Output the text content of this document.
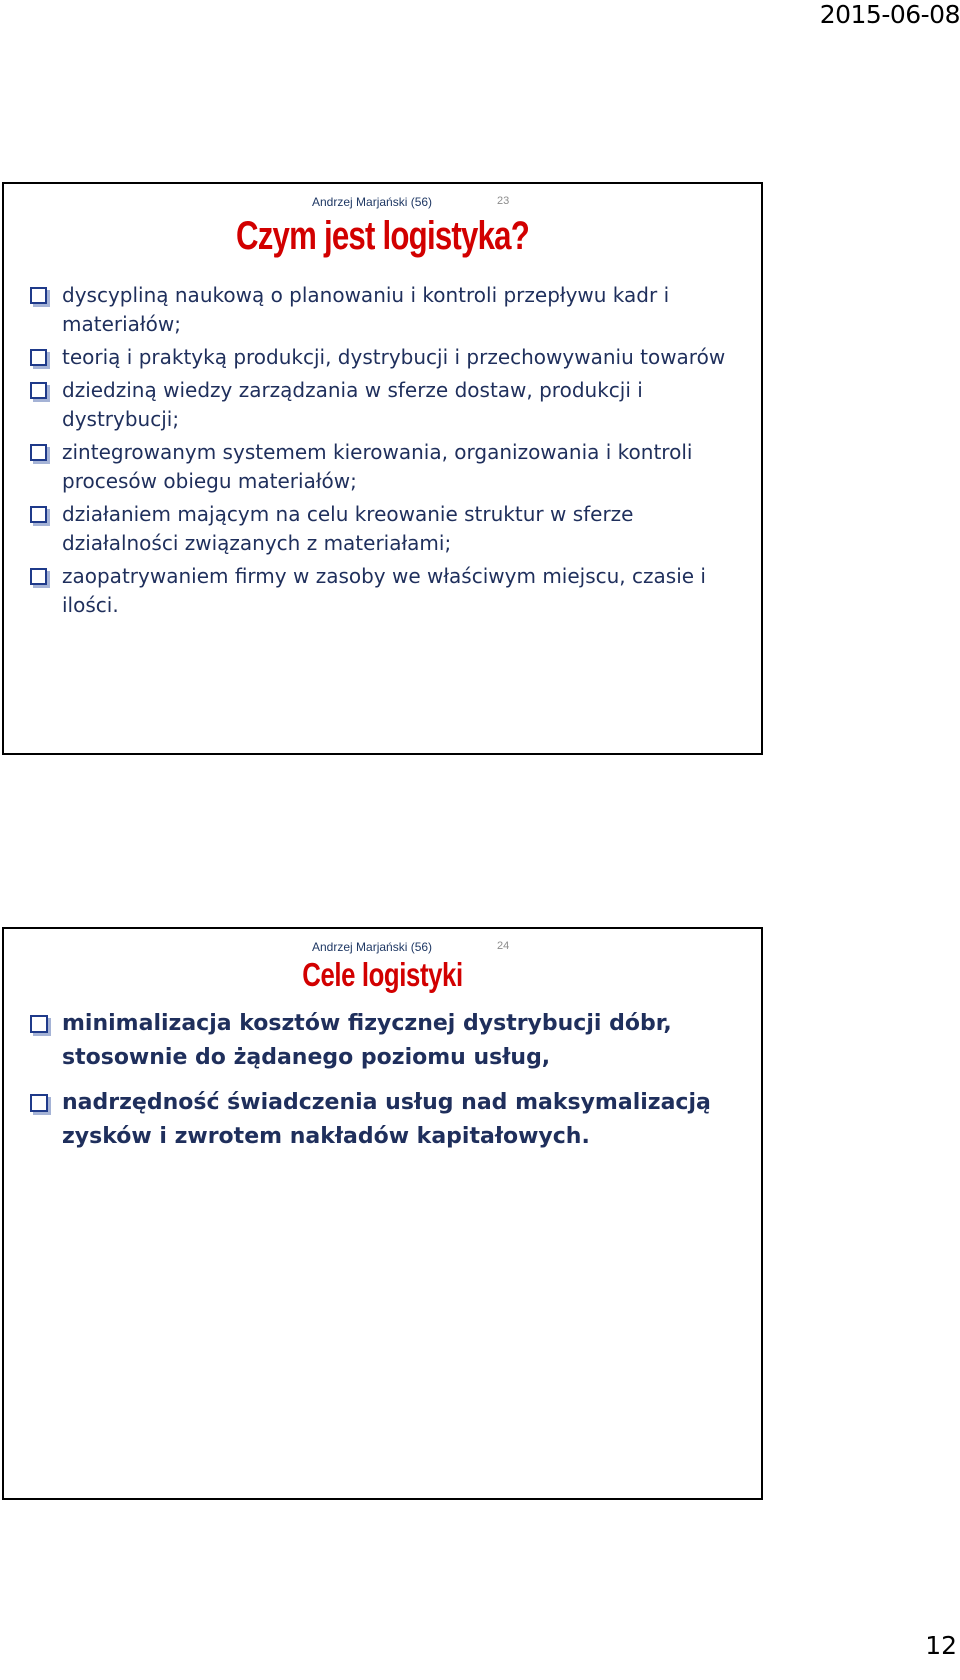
2015-06-08
Andrzej Marjański (56)	23
Czym jest logistyka?
dyscypliną naukową o planowaniu i kontroli przepływu kadr i materiałów;
teorią i praktyką produkcji, dystrybucji i przechowywaniu towarów
dziedziną wiedzy zarządzania w sferze dostaw, produkcji i dystrybucji;
zintegrowanym systemem kierowania, organizowania i kontroli procesów obiegu materiałów;
działaniem mającym na celu kreowanie struktur w sferze działalności związanych z materiałami;
zaopatrywaniem firmy w zasoby we właściwym miejscu, czasie i ilości.
Andrzej Marjański (56)	24
Cele logistyki
minimalizacja kosztów fizycznej dystrybucji dóbr, stosownie do żądanego poziomu usług,
nadrzędność świadczenia usług nad maksymalizacją zysków i zwrotem nakładów kapitałowych.
12
